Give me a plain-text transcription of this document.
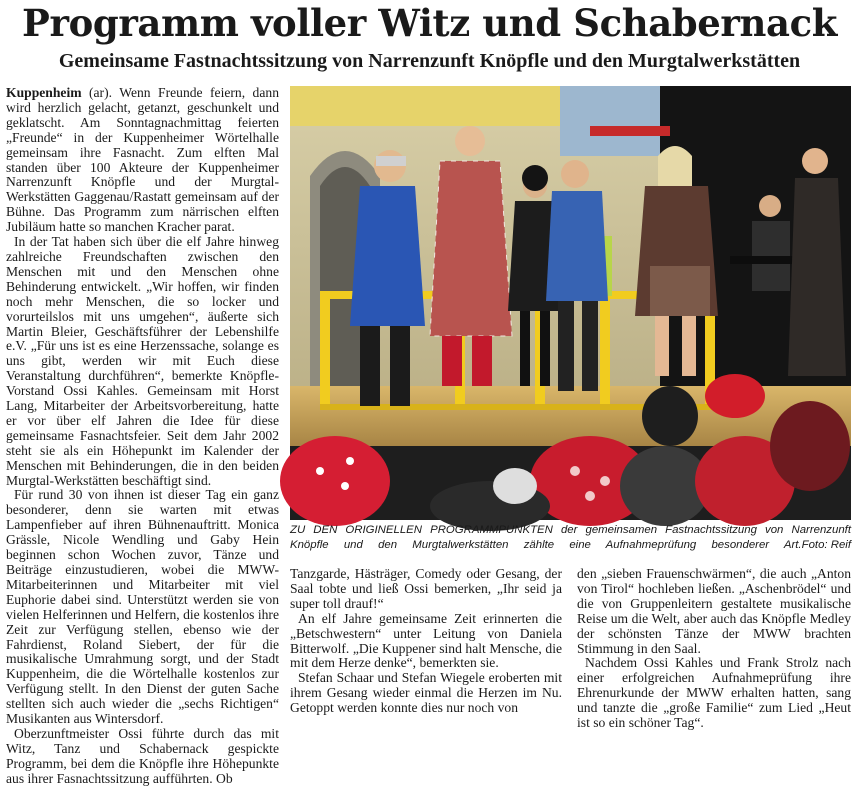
Programm voller Witz und Schabernack
Gemeinsame Fastnachtssitzung von Narrenzunft Knöpfle und den Murgtalwerkstätten

Kuppenheim (ar). Wenn Freunde feiern, dann wird herzlich gelacht, getanzt, geschunkelt und geklatscht. Am Sonntagnachmittag feierten „Freunde“ in der Kuppenheimer Wörtelhalle gemeinsam ihre Fasnacht. Zum elften Mal standen über 100 Akteure der Kuppenheimer Narrenzunft Knöpfle und der Murgtal-Werkstätten Gaggenau/Rastatt gemeinsam auf der Bühne. Das Programm zum närrischen elften Jubiläum hatte so manchen Kracher parat.

In der Tat haben sich über die elf Jahre hinweg zahlreiche Freundschaften zwischen den Menschen mit und den Menschen ohne Behinderung entwickelt. „Wir hoffen, wir finden noch mehr Menschen, die so locker und vorurteilslos mit uns umgehen“, äußerte sich Martin Bleier, Geschäftsführer der Lebenshilfe e.V. „Für uns ist es eine Herzenssache, solange es uns gibt, werden wir mit Euch diese Veranstaltung durchführen“, bemerkte Knöpfle-Vorstand Ossi Kahles. Gemeinsam mit Horst Lang, Mitarbeiter der Arbeitsvorbereitung, hatte er vor über elf Jahren die Idee für diese gemeinsame Fasnachtsfeier. Seit dem Jahr 2002 steht sie als ein Höhepunkt im Kalender der Menschen mit Behinderungen, die in den beiden Murgtal-Werkstätten beschäftigt sind.

Für rund 30 von ihnen ist dieser Tag ein ganz besonderer, denn sie warten mit etwas Lampenfieber auf ihren Bühnenauftritt. Monica Grässle, Nicole Wendling und Gaby Hein beginnen schon Wochen zuvor, Tänze und Beiträge einzustudieren, wobei die MWW-Mitarbeiterinnen und Mitarbeiter mit viel Euphorie dabei sind. Unterstützt werden sie von vielen Helferinnen und Helfern, die kostenlos ihre Zeit zur Verfügung stellen, ebenso wie der Fahrdienst, Roland Siebert, der für die musikalische Umrahmung sorgt, und der Stadt Kuppenheim, die die Wörtelhalle kostenlos zur Verfügung stellt. In den Dienst der guten Sache stellten sich auch wieder die „sechs Richtigen“ Musikanten aus Wintersdorf.

Oberzunftmeister Ossi führte durch das mit Witz, Tanz und Schabernack gespickte Programm, bei dem die Knöpfle ihre Höhepunkte aus ihrer Fasnachtssitzung aufführten. Ob

ZU DEN ORIGINELLEN PROGRAMMPUNKTEN der gemeinsamen Fastnachtssitzung von Narrenzunft Knöpfle und den Murgtalwerkstätten zählte eine Aufnahmeprüfung besonderer Art. Foto: Reif

Tanzgarde, Hästräger, Comedy oder Gesang, der Saal tobte und ließ Ossi bemerken, „Ihr seid ja super toll drauf!“

An elf Jahre gemeinsame Zeit erinnerten die „Betschwestern“ unter Leitung von Daniela Bitterwolf. „Die Kuppener sind halt Mensche, die mit dem Herze denke“, bemerkten sie.

Stefan Schaar und Stefan Wiegele eroberten mit ihrem Gesang wieder einmal die Herzen im Nu. Getoppt werden konnte dies nur noch von

den „sieben Frauenschwärmen“, die auch „Anton von Tirol“ hochleben ließen. „Aschenbrödel“ und die von Gruppenleitern gestaltete musikalische Reise um die Welt, aber auch das Knöpfle Medley der schönsten Tänze der MWW brachten Stimmung in den Saal.

Nachdem Ossi Kahles und Frank Strolz nach einer erfolgreichen Aufnahmeprüfung ihre Ehrenurkunde der MWW erhalten hatten, sang und tanzte die „große Familie“ zum Lied „Heut ist so ein schöner Tag“.
